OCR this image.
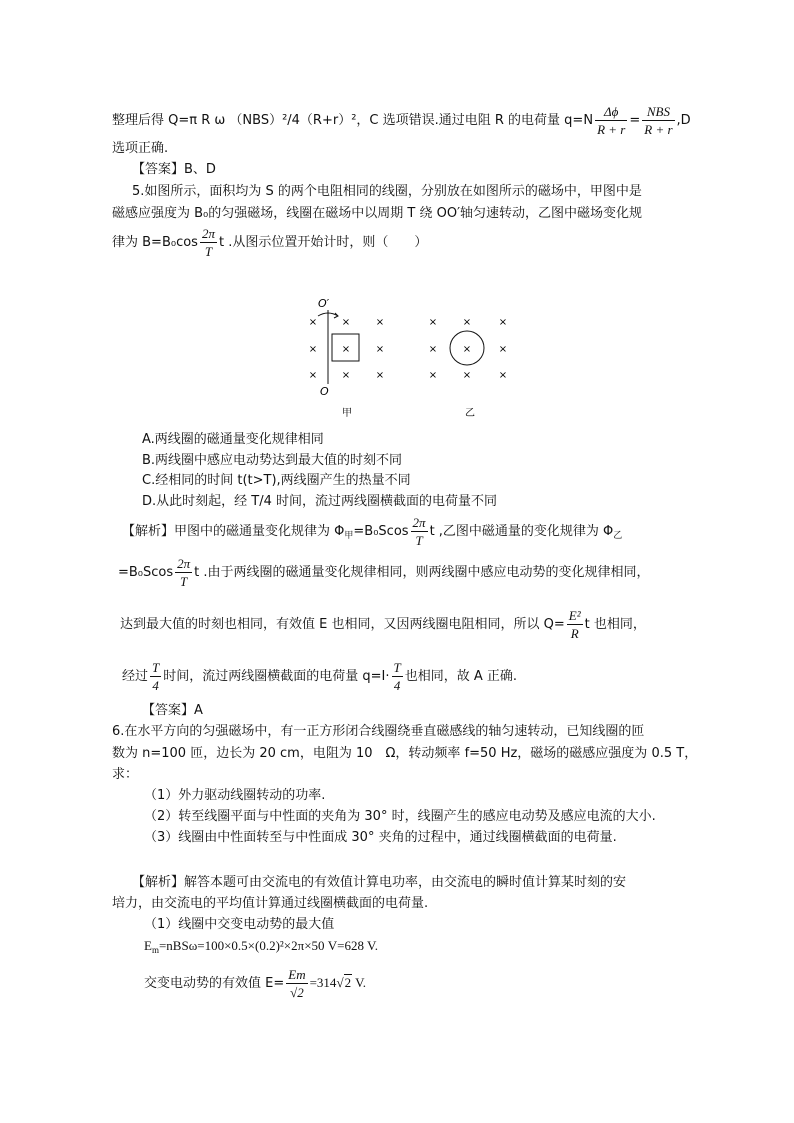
整理后得 Q=π R ω （NBS）²/4（R+r）²，C 选项错误.通过电阻 R 的电荷量 $q=N \frac{\Delta\phi}{R + r} = \frac{\text{NBS}}{R + r} ,D$
选项正确.
【答案】B、D
5.如图所示，面积均为 S 的两个电阻相同的线圈，分别放在如图所示的磁场中，甲图中是
磁感应强度为 B₀的匀强磁场，线圈在磁场中以周期 T 绕 OO′轴匀速转动，乙图中磁场变化规
律为 $B=B_0\cos \frac{2\pi}{T}$ t .从图示位置开始计时，则（　　）
O′
O
× ×	×
× ×	×
× ×	×
甲
×	×	×
×	×	×
×	×	×
乙
A.两线圈的磁通量变化规律相同
B.两线圈中感应电动势达到最大值的时刻不同
C.经相同的时间 t(t>T),两线圈产生的热量不同
D.从此时刻起，经 T/4 时间，流过两线圈横截面的电荷量不同
【解析】甲图中的磁通量变化规律为 $\Phi_甲=B_0Scos \frac{2\pi}{T}$ t ,乙图中磁通量的变化规律为 $\Phi_乙$
$=B_0Scos \frac{2\pi}{T}$ t .由于两线圈的磁通量变化规律相同，则两线圈中感应电动势的变化规律相同，
达到最大值的时刻也相同，有效值 E 也相同，又因两线圈电阻相同，所以 $Q= \frac{\text{E²}}{R}$ t 也相同，
经过 $\frac{T}{4}$ 时间，流过两线圈横截面的电荷量 $q=I\cdot \frac{T}{4}$ 也相同，故 A 正确.
【答案】A
6.在水平方向的匀强磁场中，有一正方形闭合线圈绕垂直磁感线的轴匀速转动，已知线圈的匝
数为 n=100 匝，边长为 20 cm，电阻为 10　Ω，转动频率 f=50 Hz，磁场的磁感应强度为 0.5 T，
求：
（1）外力驱动线圈转动的功率.
（2）转至线圈平面与中性面的夹角为 30° 时，线圈产生的感应电动势及感应电流的大小.
（3）线圈由中性面转至与中性面成 30° 夹角的过程中，通过线圈横截面的电荷量.
【解析】解答本题可由交流电的有效值计算电功率，由交流电的瞬时值计算某时刻的安
培力，由交流电的平均值计算通过线圈横截面的电荷量.
（1）线圈中交变电动势的最大值
$E_m=nBS\omega=100\times 0.5\times(0.2)^2\times 2\pi\times 50$ V=628 V.
交变电动势的有效值 $E= \frac{Em}{√2} =314√2$ V.
